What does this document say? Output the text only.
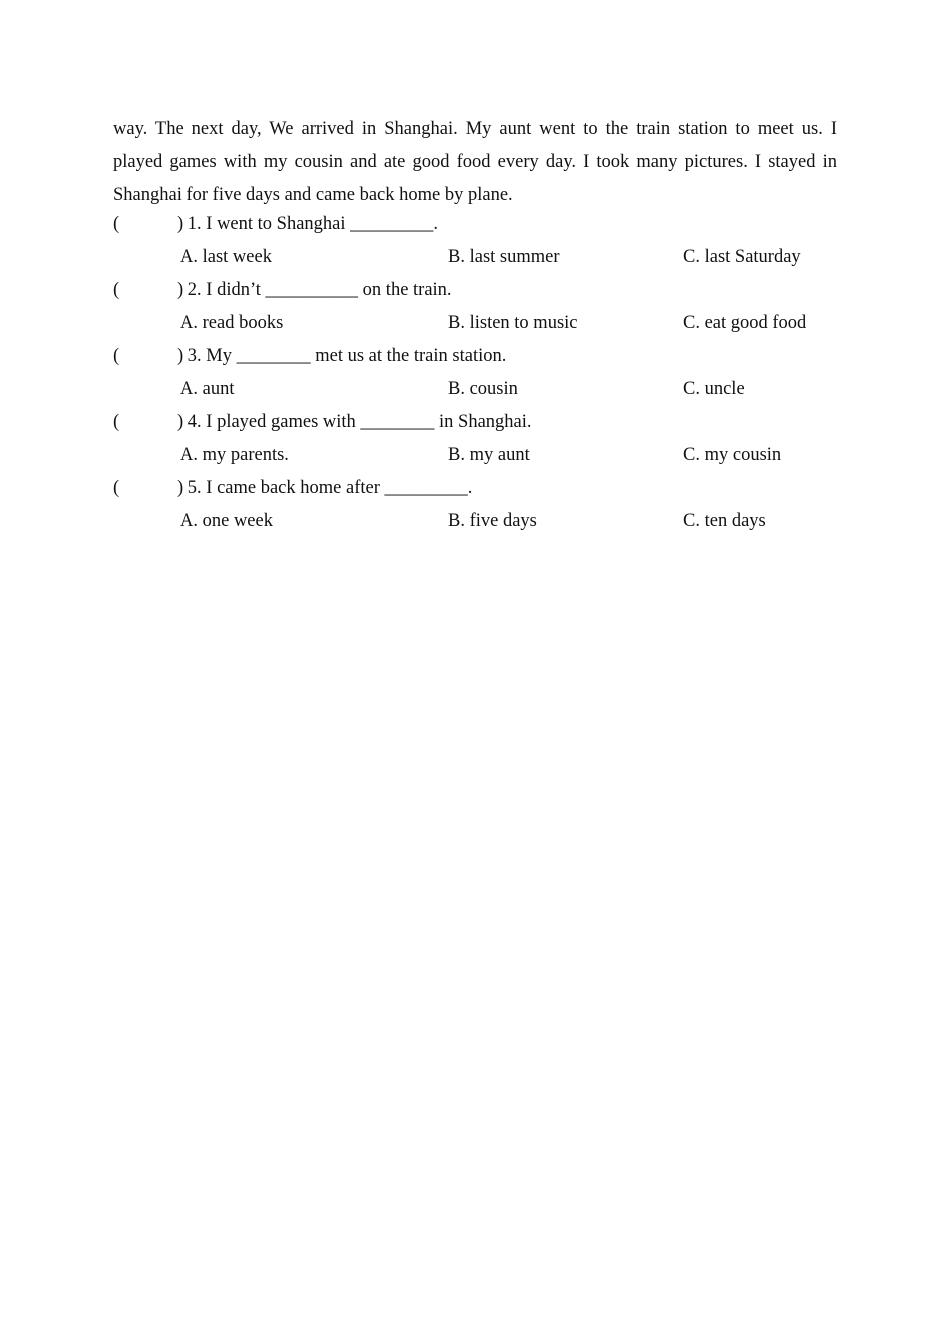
way. The next day, We arrived in Shanghai. My aunt went to the train station to meet us. I
played games with my cousin and ate good food every day. I took many pictures. I stayed in
Shanghai for five days and came back home by plane.
(	) 1. I went to Shanghai _________.
A. last week	B. last summer	C. last Saturday
(	) 2. I didn’t __________ on the train.
A. read books	B. listen to music	C. eat good food
(	) 3. My ________ met us at the train station.
A. aunt	B. cousin	C. uncle
(	) 4. I played games with ________ in Shanghai.
A. my parents.	B. my aunt	C. my cousin
(	) 5. I came back home after _________.
A. one week	B. five days	C. ten days
